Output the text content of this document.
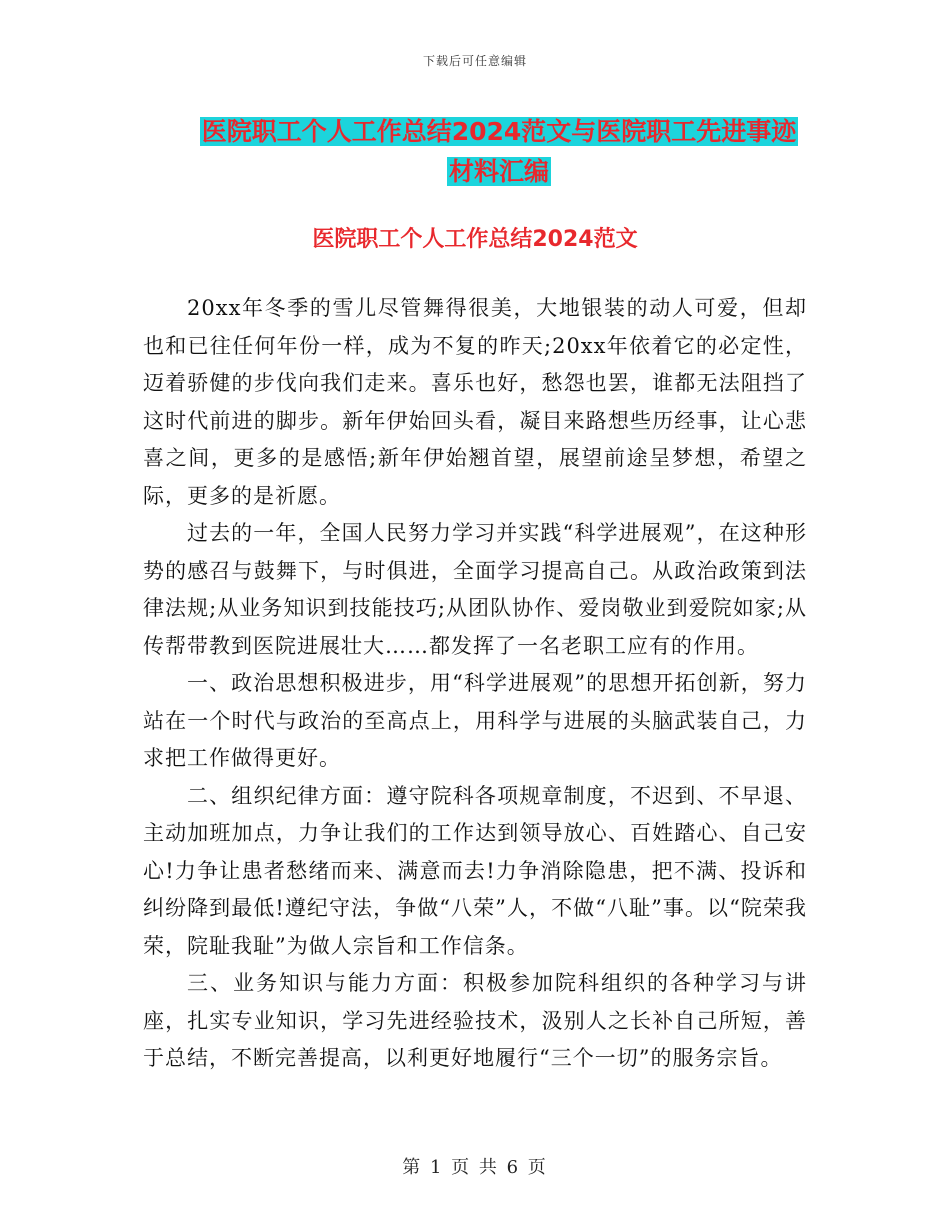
下载后可任意编辑
医院职工个人工作总结2024范文与医院职工先进事迹
材料汇编
医院职工个人工作总结2024范文

20xx年冬季的雪儿尽管舞得很美，大地银装的动人可爱，但却也和已往任何年份一样，成为不复的昨天;20xx年依着它的必定性，迈着骄健的步伐向我们走来。喜乐也好，愁怨也罢，谁都无法阻挡了这时代前进的脚步。新年伊始回头看，凝目来路想些历经事，让心悲喜之间，更多的是感悟;新年伊始翘首望，展望前途呈梦想，希望之际，更多的是祈愿。

过去的一年，全国人民努力学习并实践“科学进展观”，在这种形势的感召与鼓舞下，与时俱进，全面学习提高自己。从政治政策到法律法规;从业务知识到技能技巧;从团队协作、爱岗敬业到爱院如家;从传帮带教到医院进展壮大……都发挥了一名老职工应有的作用。

一、政治思想积极进步，用“科学进展观”的思想开拓创新，努力站在一个时代与政治的至高点上，用科学与进展的头脑武装自己，力求把工作做得更好。

二、组织纪律方面：遵守院科各项规章制度，不迟到、不早退、主动加班加点，力争让我们的工作达到领导放心、百姓踏心、自己安心!力争让患者愁绪而来、满意而去!力争消除隐患，把不满、投诉和纠纷降到最低!遵纪守法，争做“八荣”人，不做“八耻”事。以“院荣我荣，院耻我耻”为做人宗旨和工作信条。

三、业务知识与能力方面：积极参加院科组织的各种学习与讲座，扎实专业知识，学习先进经验技术，汲别人之长补自己所短，善于总结，不断完善提高，以利更好地履行“三个一切”的服务宗旨。

第 1 页 共 6 页
